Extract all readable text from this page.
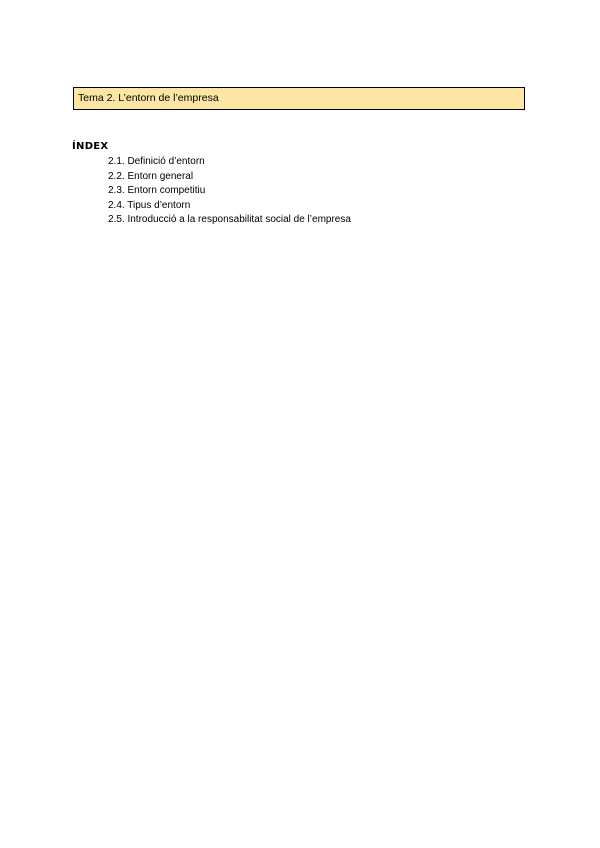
Tema 2. L’entorn de l’empresa
ÍNDEX
2.1. Definició d’entorn
2.2. Entorn general
2.3. Entorn competitiu
2.4. Tipus d’entorn
2.5. Introducció a la responsabilitat social de l’empresa
